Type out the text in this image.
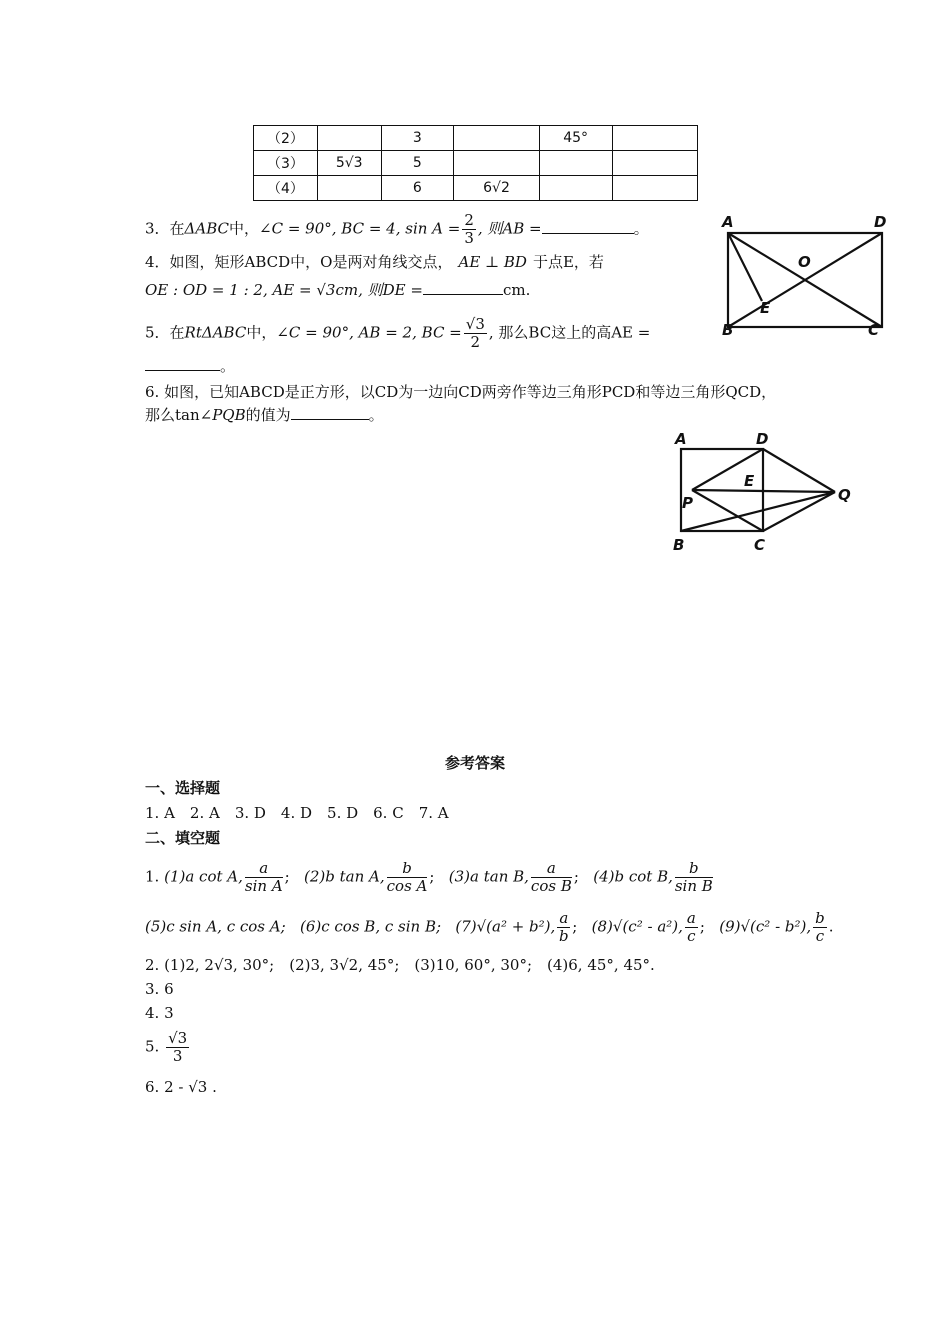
（2）		3		45°	
（3）	5√3	5			
（4）		6	6√2		
3．在ΔABC中，∠C = 90°, BC = 4, $\sin A = \frac{2}{3}$ , 则AB =	。
4．如图，矩形ABCD中，O是两对角线交点， AE ⊥ BD 于点E，若
OE : OD = 1 : 2, AE = √3cm, 则DE =	cm.
5．在RtΔABC中，∠C = 90°, AB = 2, BC = $\frac{√3}{2}$ , 那么BC这上的高AE =
。
6. 如图，已知ABCD是正方形，以CD为一边向CD两旁作等边三角形PCD和等边三角形QCD，
那么tan∠PQB的值为	。
A	D
O
E
B	C
A	D
E
P	Q
B	C
参考答案
一、选择题
1. A　2. A　3. D　4. D　5. D　6. C　7. A
二、填空题
1. (1)a cot A, $\frac{a}{\text{sin A}}$ ; (2)b tan A, $\frac{b}{\text{cos A}}$ ; (3)a tan B, $\frac{a}{\text{cos B}}$ ; (4)b cot B, $\frac{b}{\text{sin B}}$
(5)c sin A, c cos A; (6)c cos B, c sin B; (7)√(a² + b²), $\frac{a}{b}$ ; (8)√(c² - a²), $\frac{a}{c}$ ; (9)√(c² - b²), $\frac{b}{c}$ .
2. (1)2, 2√3, 30°;　(2)3, 3√2, 45°;　(3)10, 60°, 30°;　(4)6, 45°, 45°.
3. 6
4. 3
5. $\frac{√3}{3}$
6. 2 - √3 .
